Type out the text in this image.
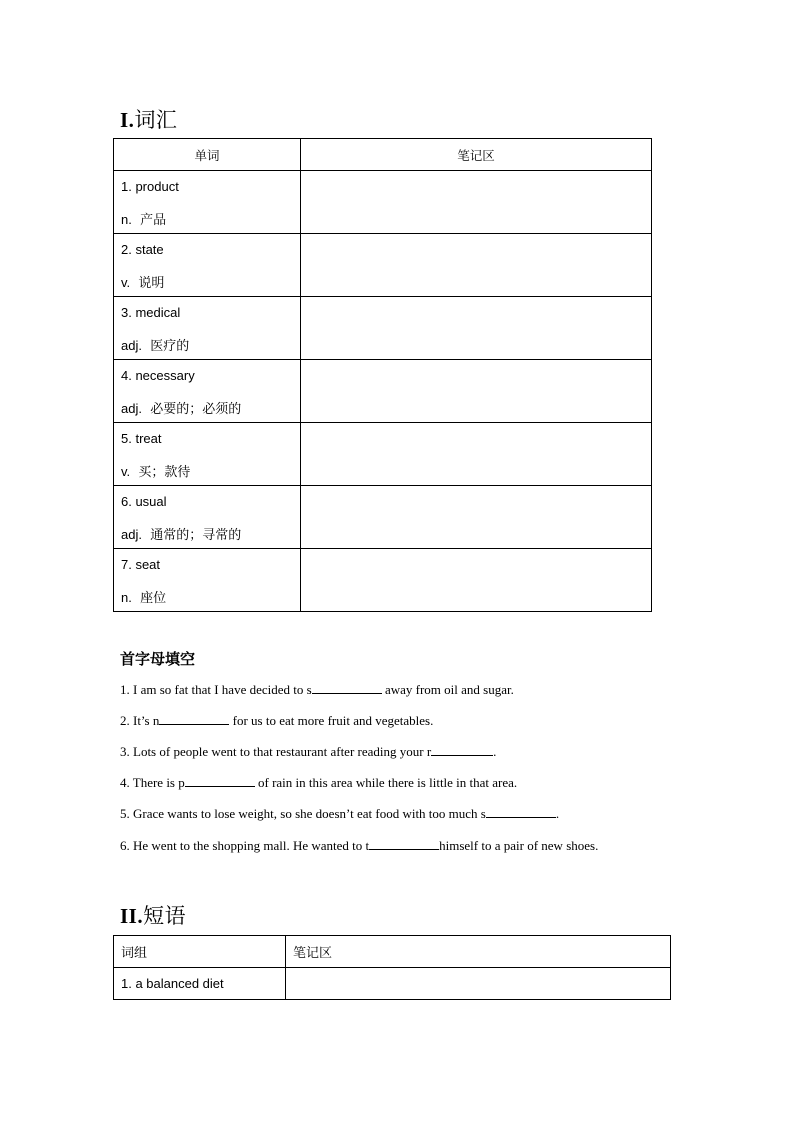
I.词汇
单词	笔记区

1. product
n. 产品	

2. state
v. 说明	

3. medical
adj. 医疗的	

4. necessary
adj. 必要的；必须的	

5. treat
v. 买；款待	

6. usual
adj. 通常的；寻常的	

7. seat
n. 座位	

首字母填空
1. I am so fat that I have decided to s	away from oil and sugar.
2. It’s n	for us to eat more fruit and vegetables.
3. Lots of people went to that restaurant after reading your r	.
4. There is p	of rain in this area while there is little in that area.
5. Grace wants to lose weight, so she doesn’t eat food with too much s	.
6. He went to the shopping mall. He wanted to t	himself to a pair of new shoes.
II.短语
词组	笔记区
1. a balanced diet	
